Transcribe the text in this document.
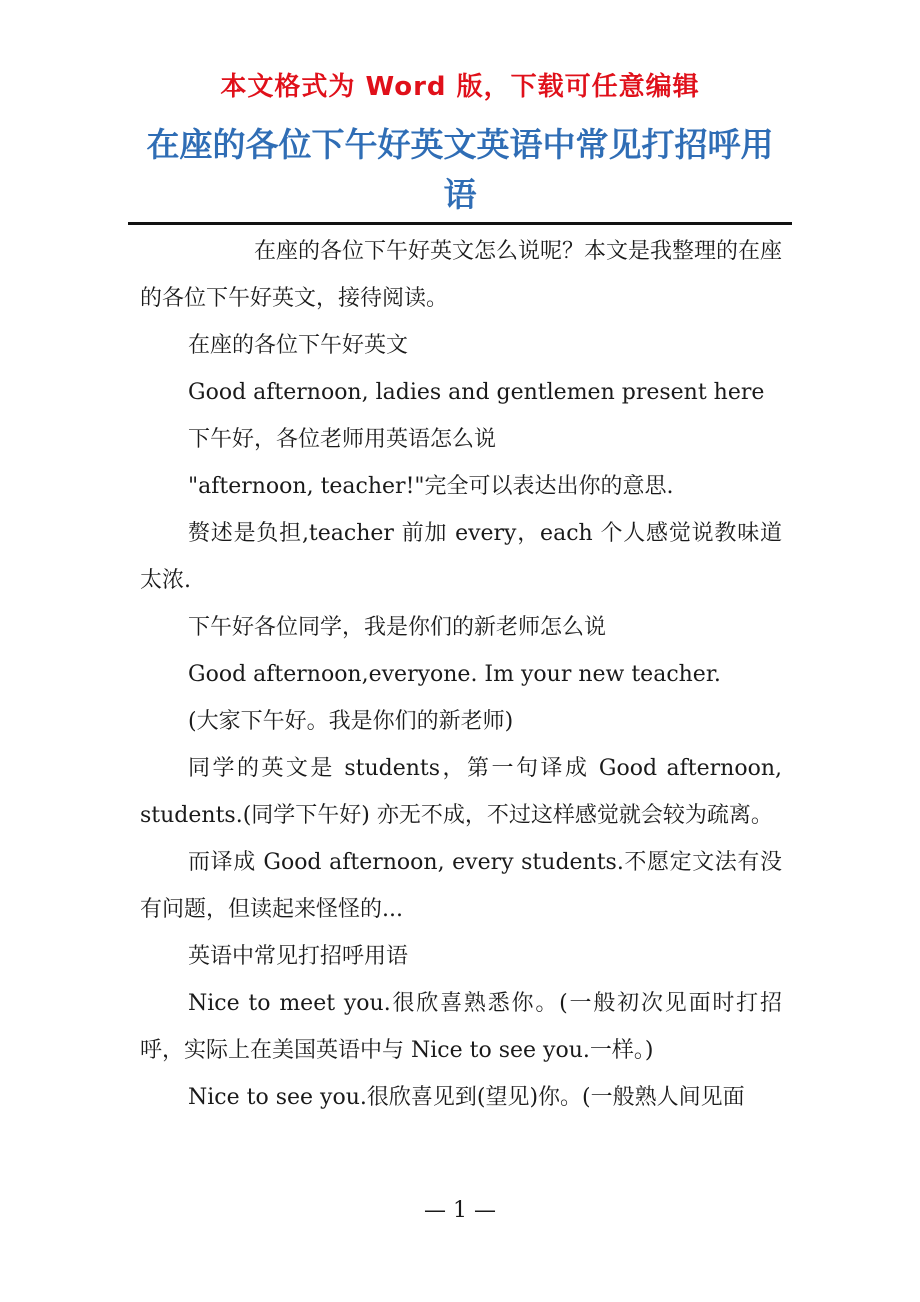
本文格式为 Word 版，下载可任意编辑
在座的各位下午好英文英语中常见打招呼用语

在座的各位下午好英文怎么说呢？本文是我整理的在座的各位下午好英文，接待阅读。

在座的各位下午好英文

Good afternoon, ladies and gentlemen present here

下午好，各位老师用英语怎么说

"afternoon, teacher!"完全可以表达出你的意思.

赘述是负担,teacher 前加 every，each 个人感觉说教味道太浓.

下午好各位同学，我是你们的新老师怎么说

Good afternoon,everyone. Im your new teacher.

(大家下午好。我是你们的新老师)

同学的英文是 students，第一句译成 Good afternoon, students.(同学下午好) 亦无不成，不过这样感觉就会较为疏离。

而译成 Good afternoon, every students.不愿定文法有没有问题，但读起来怪怪的...

英语中常见打招呼用语

Nice to meet you.很欣喜熟悉你。(一般初次见面时打招呼，实际上在美国英语中与 Nice to see you.一样。)

Nice to see you.很欣喜见到(望见)你。(一般熟人间见面

— 1 —
